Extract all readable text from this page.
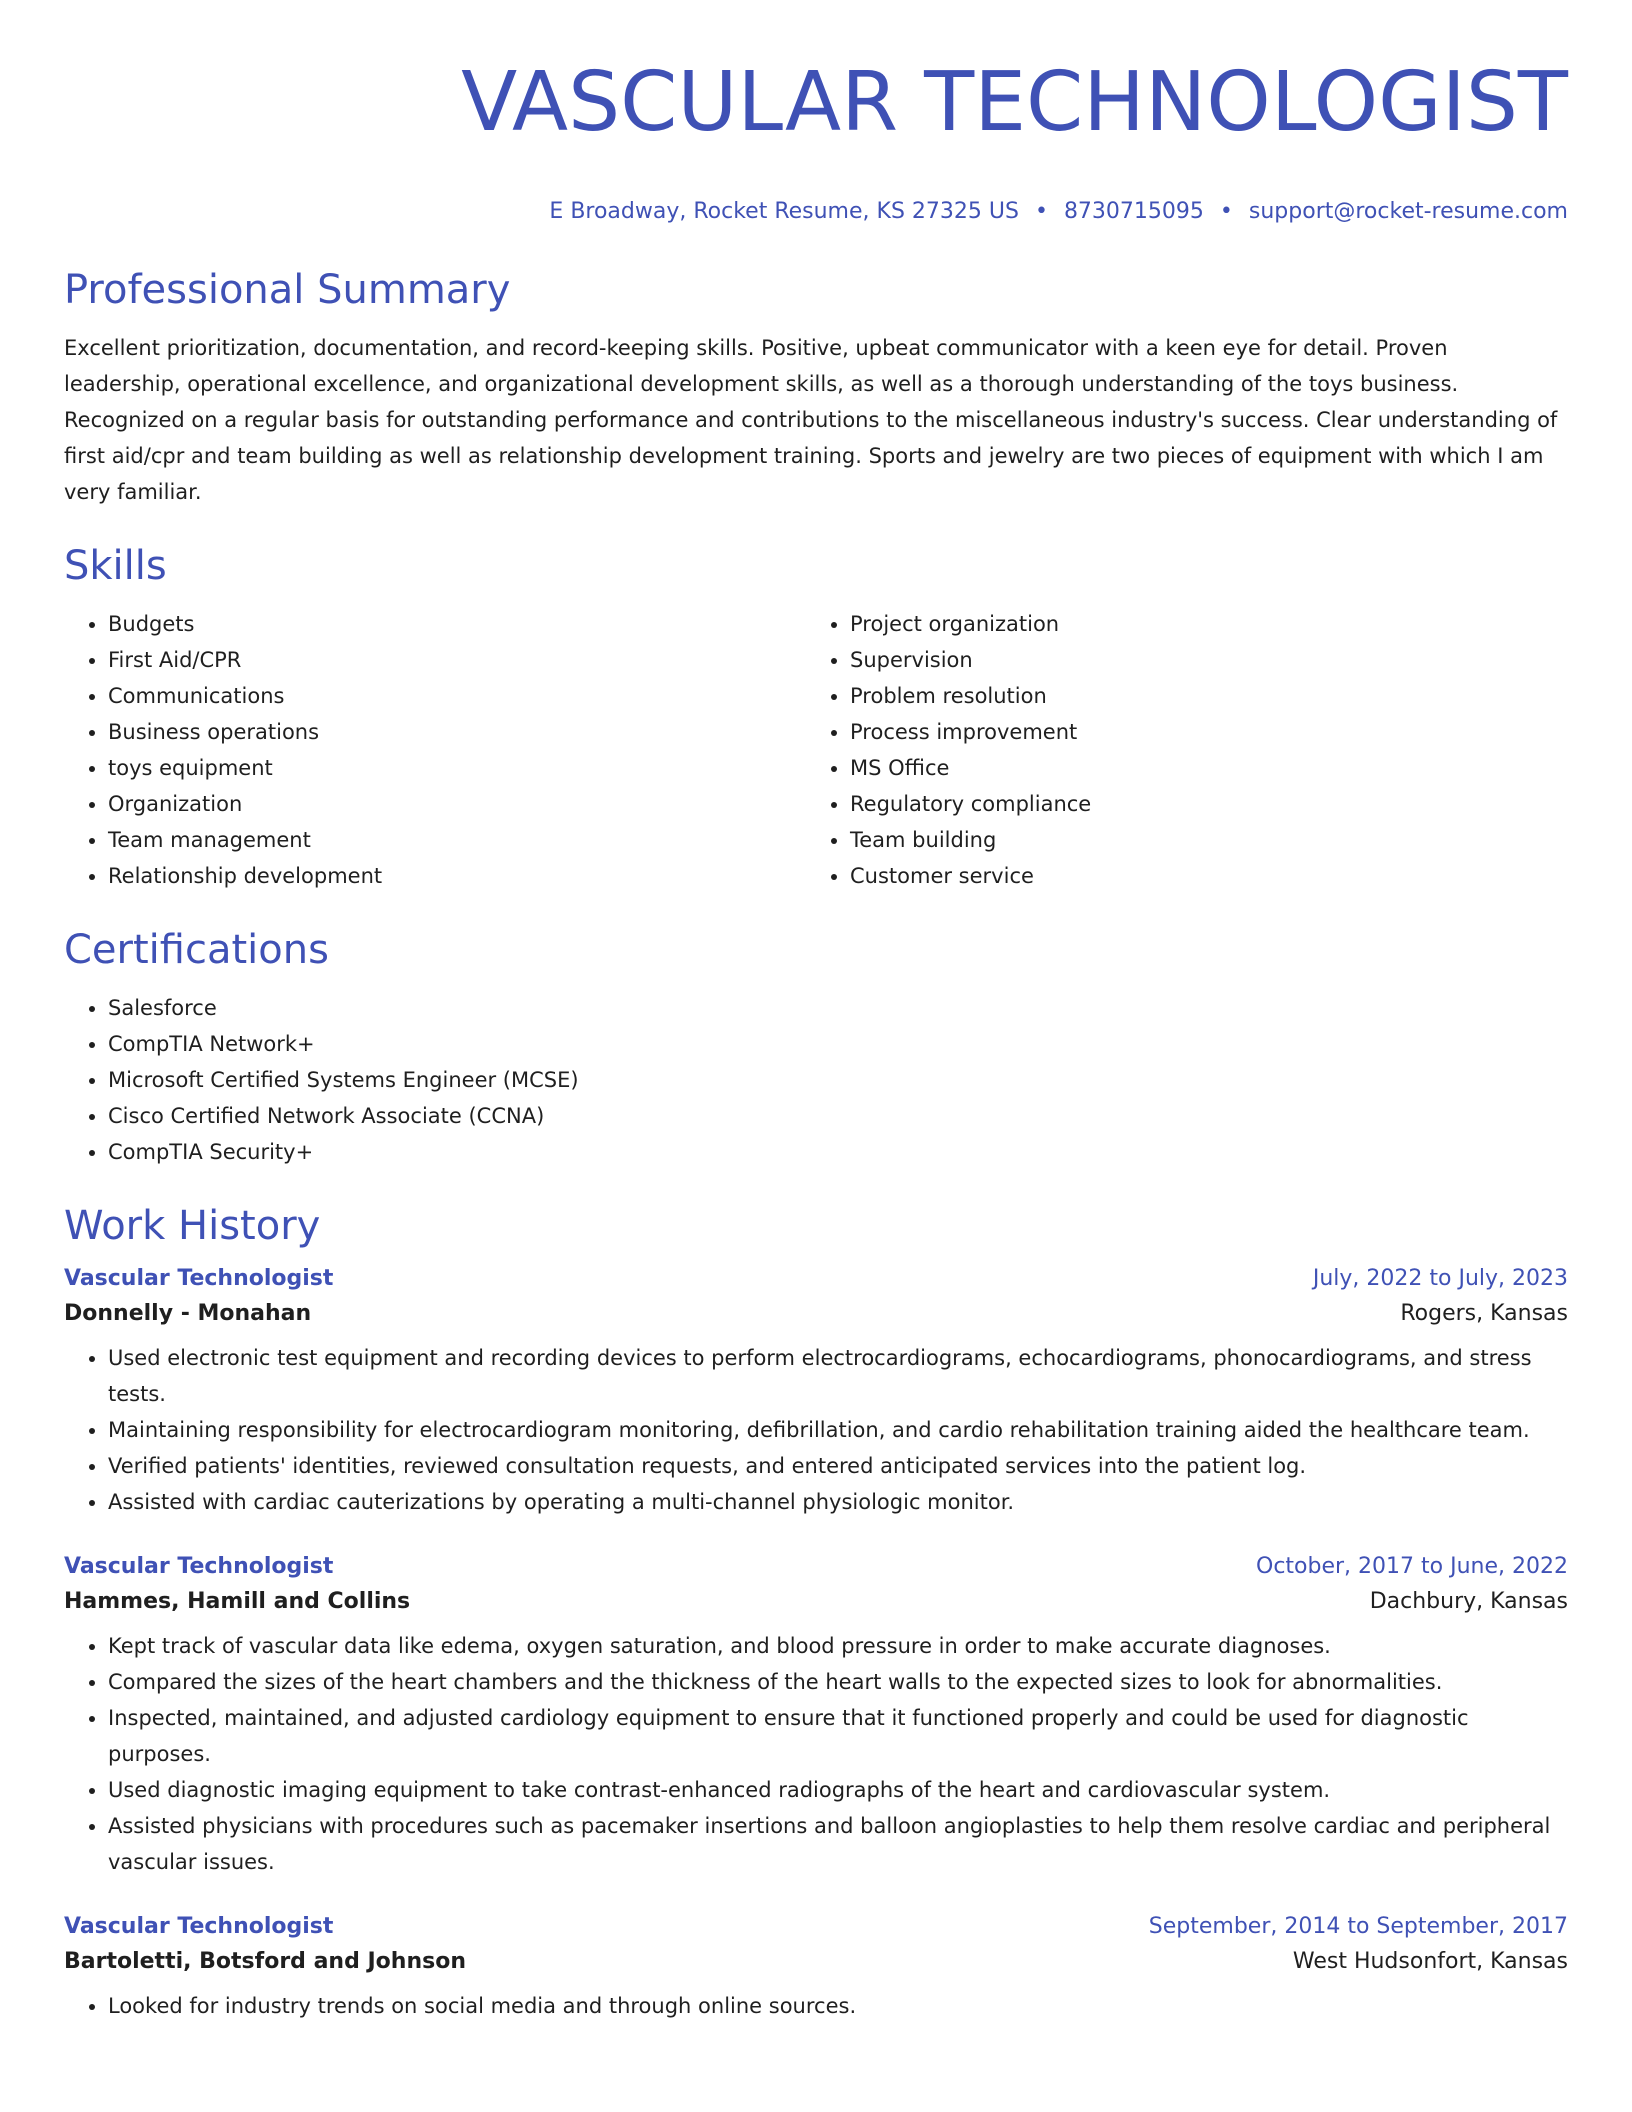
VASCULAR TECHNOLOGIST
E Broadway, Rocket Resume, KS 27325 US • 8730715095 • support@rocket-resume.com
Professional Summary
Excellent prioritization, documentation, and record-keeping skills. Positive, upbeat communicator with a keen eye for detail. Proven leadership, operational excellence, and organizational development skills, as well as a thorough understanding of the toys business. Recognized on a regular basis for outstanding performance and contributions to the miscellaneous industry's success. Clear understanding of first aid/cpr and team building as well as relationship development training. Sports and jewelry are two pieces of equipment with which I am very familiar.
Skills
• Budgets
• First Aid/CPR
• Communications
• Business operations
• toys equipment
• Organization
• Team management
• Relationship development
• Project organization
• Supervision
• Problem resolution
• Process improvement
• MS Office
• Regulatory compliance
• Team building
• Customer service
Certifications
• Salesforce
• CompTIA Network+
• Microsoft Certified Systems Engineer (MCSE)
• Cisco Certified Network Associate (CCNA)
• CompTIA Security+
Work History
Vascular Technologist	July, 2022 to July, 2023
Donnelly - Monahan	Rogers, Kansas
• Used electronic test equipment and recording devices to perform electrocardiograms, echocardiograms, phonocardiograms, and stress tests.
• Maintaining responsibility for electrocardiogram monitoring, defibrillation, and cardio rehabilitation training aided the healthcare team.
• Verified patients' identities, reviewed consultation requests, and entered anticipated services into the patient log.
• Assisted with cardiac cauterizations by operating a multi-channel physiologic monitor.
Vascular Technologist	October, 2017 to June, 2022
Hammes, Hamill and Collins	Dachbury, Kansas
• Kept track of vascular data like edema, oxygen saturation, and blood pressure in order to make accurate diagnoses.
• Compared the sizes of the heart chambers and the thickness of the heart walls to the expected sizes to look for abnormalities.
• Inspected, maintained, and adjusted cardiology equipment to ensure that it functioned properly and could be used for diagnostic purposes.
• Used diagnostic imaging equipment to take contrast-enhanced radiographs of the heart and cardiovascular system.
• Assisted physicians with procedures such as pacemaker insertions and balloon angioplasties to help them resolve cardiac and peripheral vascular issues.
Vascular Technologist	September, 2014 to September, 2017
Bartoletti, Botsford and Johnson	West Hudsonfort, Kansas
• Looked for industry trends on social media and through online sources.
